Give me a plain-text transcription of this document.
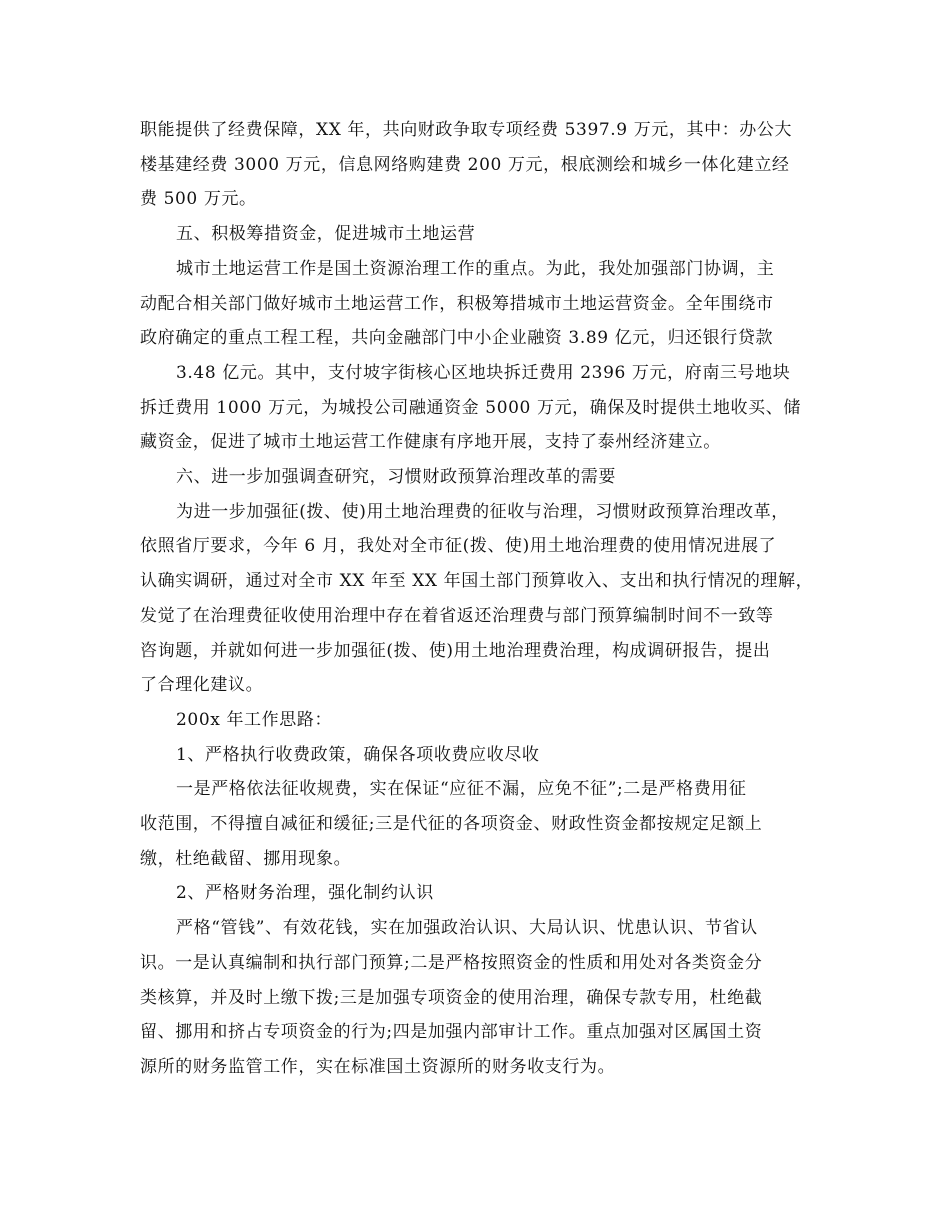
职能提供了经费保障，XX 年，共向财政争取专项经费 5397.9 万元，其中：办公大
楼基建经费 3000 万元，信息网络购建费 200 万元，根底测绘和城乡一体化建立经
费 500 万元。
五、积极筹措资金，促进城市土地运营
城市土地运营工作是国土资源治理工作的重点。为此，我处加强部门协调，主
动配合相关部门做好城市土地运营工作，积极筹措城市土地运营资金。全年围绕市
政府确定的重点工程工程，共向金融部门中小企业融资 3.89 亿元，归还银行贷款
3.48 亿元。其中，支付坡字街核心区地块拆迁费用 2396 万元，府南三号地块
拆迁费用 1000 万元，为城投公司融通资金 5000 万元，确保及时提供土地收买、储
藏资金，促进了城市土地运营工作健康有序地开展，支持了泰州经济建立。
六、进一步加强调查研究，习惯财政预算治理改革的需要
为进一步加强征(拨、使)用土地治理费的征收与治理，习惯财政预算治理改革，
依照省厅要求，今年 6 月，我处对全市征(拨、使)用土地治理费的使用情况进展了
认确实调研，通过对全市 XX 年至 XX 年国土部门预算收入、支出和执行情况的理解，
发觉了在治理费征收使用治理中存在着省返还治理费与部门预算编制时间不一致等
咨询题，并就如何进一步加强征(拨、使)用土地治理费治理，构成调研报告，提出
了合理化建议。
200x 年工作思路：
1、严格执行收费政策，确保各项收费应收尽收
一是严格依法征收规费，实在保证“应征不漏，应免不征”;二是严格费用征
收范围，不得擅自减征和缓征;三是代征的各项资金、财政性资金都按规定足额上
缴，杜绝截留、挪用现象。
2、严格财务治理，强化制约认识
严格“管钱”、有效花钱，实在加强政治认识、大局认识、忧患认识、节省认
识。一是认真编制和执行部门预算;二是严格按照资金的性质和用处对各类资金分
类核算，并及时上缴下拨;三是加强专项资金的使用治理，确保专款专用，杜绝截
留、挪用和挤占专项资金的行为;四是加强内部审计工作。重点加强对区属国土资
源所的财务监管工作，实在标准国土资源所的财务收支行为。
